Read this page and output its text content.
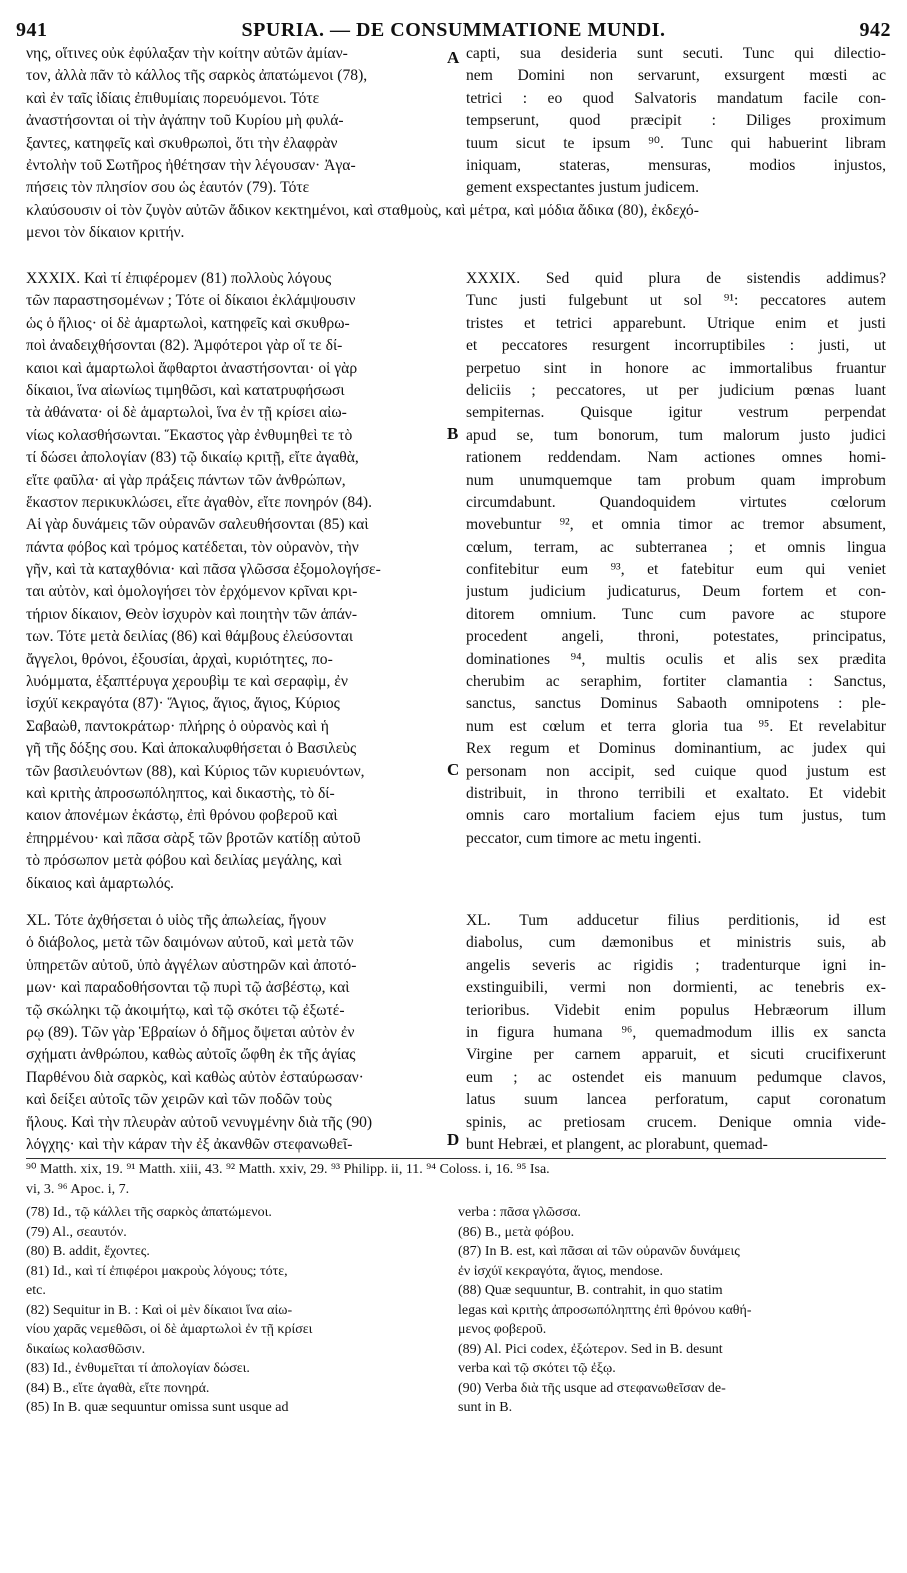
941	SPURIA. — DE CONSUMMATIONE MUNDI.	942
νης, οἵτινες οὐκ ἐφύλαξαν τὴν κοίτην αὐτῶν ἀμίαν-
τον, ἀλλὰ πᾶν τὸ κάλλος τῆς σαρκὸς ἀπατώμενοι (78),
καὶ ἐν ταῖς ἰδίαις ἐπιθυμίαις πορευόμενοι. Τότε
ἀναστήσονται οἱ τὴν ἀγάπην τοῦ Κυρίου μὴ φυλά-
ξαντες, κατηφεῖς καὶ σκυθρωποὶ, ὅτι τὴν ἐλαφρὰν
ἐντολὴν τοῦ Σωτῆρος ἠθέτησαν τὴν λέγουσαν· Ἀγα-
πήσεις τὸν πλησίον σου ὡς ἑαυτόν (79). Τότε
capti, sua desideria sunt secuti. Tunc qui dilectio-
nem Domini non servarunt, exsurgent mœsti ac
tetrici : eo quod Salvatoris mandatum facile con-
tempserunt, quod præcipit : Diliges proximum
tuum sicut te ipsum ⁹⁰. Tunc qui habuerint libram
iniquam, stateras, mensuras, modios injustos,
gement exspectantes justum judicem.
κλαύσουσιν οἱ τὸν ζυγὸν αὐτῶν ἄδικον κεκτημένοι, καὶ σταθμοὺς, καὶ μέτρα, καὶ μόδια ἄδικα (80), ἐκδεχό-
μενοι τὸν δίκαιον κριτήν.
XXXIX. Καὶ τί ἐπιφέρομεν (81) πολλοὺς λόγους
τῶν παραστησομένων ; Τότε οἱ δίκαιοι ἐκλάμψουσιν
ὡς ὁ ἥλιος· οἱ δὲ ἁμαρτωλοὶ, κατηφεῖς καὶ σκυθρω-
ποὶ ἀναδειχθήσονται (82). Ἀμφότεροι γὰρ οἵ τε δί-
καιοι καὶ ἁμαρτωλοὶ ἄφθαρτοι ἀναστήσονται· οἱ γὰρ
δίκαιοι, ἵνα αἰωνίως τιμηθῶσι, καὶ κατατρυφήσωσι
τὰ ἀθάνατα· οἱ δὲ ἁμαρτωλοὶ, ἵνα ἐν τῇ κρίσει αἰω-
νίως κολασθήσωνται. Ἕκαστος γὰρ ἐνθυμηθεὶ τε τὸ
τί δώσει ἀπολογίαν (83) τῷ δικαίῳ κριτῇ, εἴτε ἀγαθὰ,
εἴτε φαῦλα· αἱ γὰρ πράξεις πάντων τῶν ἀνθρώπων,
ἕκαστον περικυκλώσει, εἴτε ἀγαθὸν, εἴτε πονηρόν (84).
Αἱ γὰρ δυνάμεις τῶν οὐρανῶν σαλευθήσονται (85) καὶ
πάντα φόβος καὶ τρόμος κατέδεται, τὸν οὐρανὸν, τὴν
γῆν, καὶ τὰ καταχθόνια· καὶ πᾶσα γλῶσσα ἐξομολογήσε-
ται αὐτὸν, καὶ ὁμολογήσει τὸν ἐρχόμενον κρῖναι κρι-
τήριον δίκαιον, Θεὸν ἰσχυρὸν καὶ ποιητὴν τῶν ἁπάν-
των. Τότε μετὰ δειλίας (86) καὶ θάμβους ἐλεύσονται
ἄγγελοι, θρόνοι, ἐξουσίαι, ἀρχαὶ, κυριότητες, πο-
λυόμματα, ἑξαπτέρυγα χερουβὶμ τε καὶ σεραφὶμ, ἐν
ἰσχύϊ κεκραγότα (87)· Ἅγιος, ἅγιος, ἅγιος, Κύριος
Σαβαὼθ, παντοκράτωρ· πλήρης ὁ οὐρανὸς καὶ ἡ
γῆ τῆς δόξης σου. Καὶ ἀποκαλυφθήσεται ὁ Βασιλεὺς
τῶν βασιλευόντων (88), καὶ Κύριος τῶν κυριευόντων,
καὶ κριτὴς ἀπροσωπόληπτος, καὶ δικαστὴς, τὸ δί-
καιον ἀπονέμων ἑκάστῳ, ἐπὶ θρόνου φοβεροῦ καὶ
ἐπηρμένου· καὶ πᾶσα σὰρξ τῶν βροτῶν κατίδῃ αὐτοῦ
τὸ πρόσωπον μετὰ φόβου καὶ δειλίας μεγάλης, καὶ
δίκαιος καὶ ἁμαρτωλός.
XXXIX. Sed quid plura de sistendis addimus?
Tunc justi fulgebunt ut sol ⁹¹: peccatores autem
tristes et tetrici apparebunt. Utrique enim et justi
et peccatores resurgent incorruptibiles : justi, ut
perpetuo sint in honore ac immortalibus fruantur
deliciis ; peccatores, ut per judicium pœnas luant
sempiternas. Quisque igitur vestrum perpendat
apud se, tum bonorum, tum malorum justo judici
rationem reddendam. Nam actiones omnes homi-
num unumquemque tam probum quam improbum
circumdabunt. Quandoquidem virtutes cœlorum
movebuntur ⁹², et omnia timor ac tremor absument,
cœlum, terram, ac subterranea ; et omnis lingua
confitebitur eum ⁹³, et fatebitur eum qui veniet
justum judicium judicaturus, Deum fortem et con-
ditorem omnium. Tunc cum pavore ac stupore
procedent angeli, throni, potestates, principatus,
dominationes ⁹⁴, multis oculis et alis sex prædita
cherubim ac seraphim, fortiter clamantia : Sanctus,
sanctus, sanctus Dominus Sabaoth omnipotens : ple-
num est cœlum et terra gloria tua ⁹⁵. Et revelabitur
Rex regum et Dominus dominantium, ac judex qui
personam non accipit, sed cuique quod justum est
distribuit, in throno terribili et exaltato. Et videbit
omnis caro mortalium faciem ejus tum justus, tum
peccator, cum timore ac metu ingenti.
XL. Τότε ἀχθήσεται ὁ υἱὸς τῆς ἀπωλείας, ἤγουν
ὁ διάβολος, μετὰ τῶν δαιμόνων αὐτοῦ, καὶ μετὰ τῶν
ὑπηρετῶν αὐτοῦ, ὑπὸ ἀγγέλων αὐστηρῶν καὶ ἀποτό-
μων· καὶ παραδοθήσονται τῷ πυρὶ τῷ ἀσβέστῳ, καὶ
τῷ σκώληκι τῷ ἀκοιμήτῳ, καὶ τῷ σκότει τῷ ἐξωτέ-
ρῳ (89). Τῶν γὰρ Ἑβραίων ὁ δῆμος ὄψεται αὐτὸν ἐν
σχήματι ἀνθρώπου, καθὼς αὐτοῖς ὤφθη ἐκ τῆς ἁγίας
Παρθένου διὰ σαρκὸς, καὶ καθὼς αὐτὸν ἐσταύρωσαν·
καὶ δείξει αὐτοῖς τῶν χειρῶν καὶ τῶν ποδῶν τοὺς
ἥλους. Καὶ τὴν πλευρὰν αὐτοῦ νενυγμένην διὰ τῆς (90)
λόγχης· καὶ τὴν κάραν τὴν ἐξ ἀκανθῶν στεφανωθεῖ-
XL. Tum adducetur filius perditionis, id est
diabolus, cum dæmonibus et ministris suis, ab
angelis severis ac rigidis ; tradenturque igni in-
exstinguibili, vermi non dormienti, ac tenebris ex-
terioribus. Videbit enim populus Hebræorum illum
in figura humana ⁹⁶, quemadmodum illis ex sancta
Virgine per carnem apparuit, et sicuti crucifixerunt
eum ; ac ostendet eis manuum pedumque clavos,
latus suum lancea perforatum, caput coronatum
spinis, ac pretiosam crucem. Denique omnia vide-
bunt Hebræi, et plangent, ac plorabunt, quemad-
A
B
C
D
⁹⁰ Matth. xix, 19. ⁹¹ Matth. xiii, 43. ⁹² Matth. xxiv, 29. ⁹³ Philipp. ii, 11. ⁹⁴ Coloss. i, 16. ⁹⁵ Isa.
vi, 3. ⁹⁶ Apoc. i, 7.
(78) Id., τῷ κάλλει τῆς σαρκὸς ἀπατώμενοι.
(79) Al., σεαυτόν.
(80) B. addit, ἔχοντες.
(81) Id., καὶ τί ἐπιφέροι μακροὺς λόγους; τότε,
etc.
(82) Sequitur in B. : Καὶ οἱ μὲν δίκαιοι ἵνα αἰω-
νίου χαρᾶς νεμεθῶσι, οἱ δὲ ἁμαρτωλοὶ ἐν τῇ κρίσει
δικαίως κολασθῶσιν.
(83) Id., ἐνθυμεῖται τί ἀπολογίαν δώσει.
(84) B., εἴτε ἀγαθὰ, εἴτε πονηρά.
(85) In B. quæ sequuntur omissa sunt usque ad
verba : πᾶσα γλῶσσα.
(86) B., μετὰ φόβου.
(87) In B. est, καὶ πᾶσαι αἱ τῶν οὐρανῶν δυνάμεις
ἐν ἰσχύϊ κεκραγότα, ἅγιος, mendose.
(88) Quæ sequuntur, B. contrahit, in quo statim
legas καὶ κριτὴς ἀπροσωπόληπτης ἐπὶ θρόνου καθή-
μενος φοβεροῦ.
(89) Al. Pici codex, ἐξώτερον. Sed in B. desunt
verba καὶ τῷ σκότει τῷ ἐξῳ.
(90) Verba διὰ τῆς usque ad στεφανωθεῖσαν de-
sunt in B.
